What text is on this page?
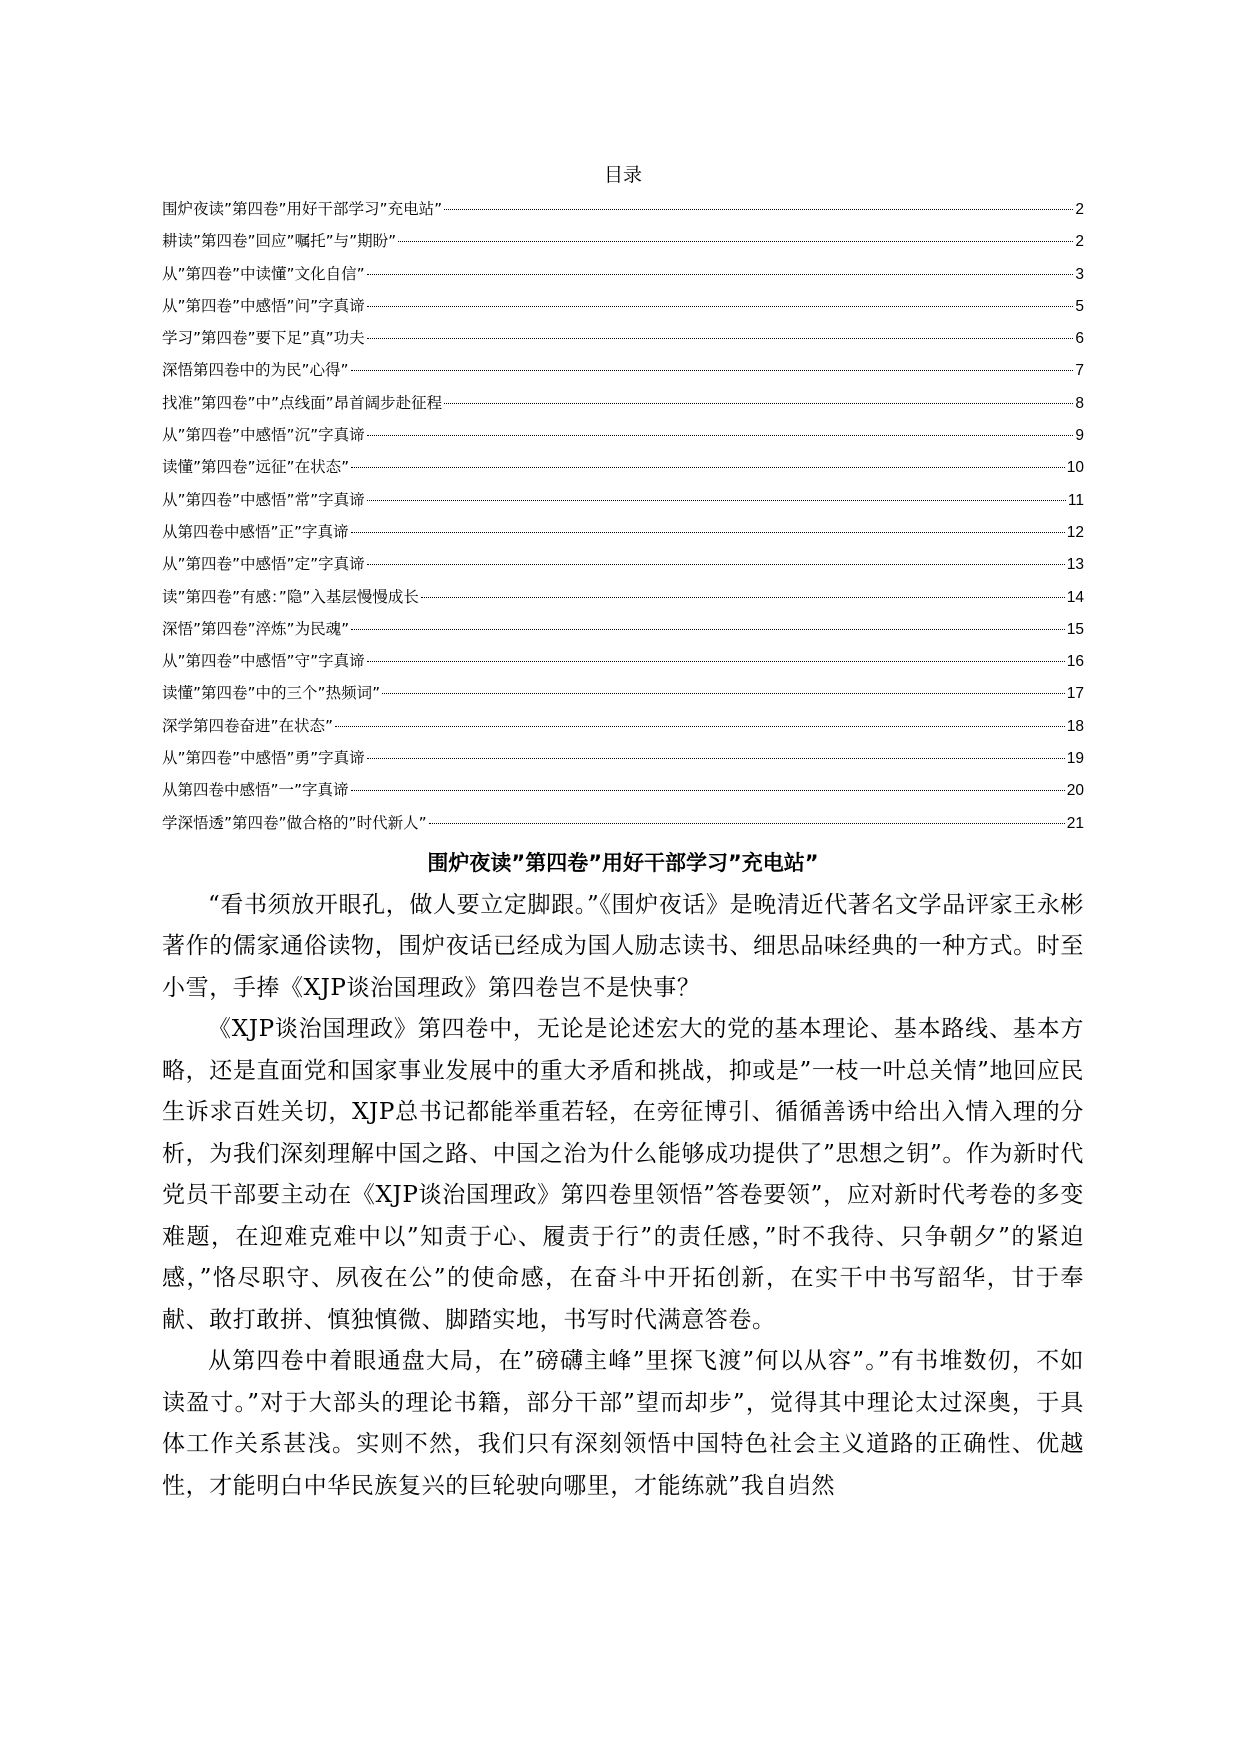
目录
围炉夜读”第四卷”用好干部学习”充电站”	2
耕读”第四卷”回应”嘱托”与”期盼”	2
从”第四卷”中读懂”文化自信”	3
从”第四卷”中感悟”问”字真谛	5
学习”第四卷”要下足”真”功夫	6
深悟第四卷中的为民”心得”	7
找准”第四卷”中”点线面”昂首阔步赴征程	8
从”第四卷”中感悟”沉”字真谛	9
读懂”第四卷”远征”在状态”	10
从”第四卷”中感悟”常”字真谛	11
从第四卷中感悟”正”字真谛	12
从”第四卷”中感悟”定”字真谛	13
读”第四卷”有感：”隐”入基层慢慢成长	14
深悟”第四卷”淬炼”为民魂”	15
从”第四卷”中感悟”守”字真谛	16
读懂”第四卷”中的三个”热频词”	17
深学第四卷奋进”在状态”	18
从”第四卷”中感悟”勇”字真谛	19
从第四卷中感悟”一”字真谛	20
学深悟透”第四卷”做合格的”时代新人”	21
围炉夜读”第四卷”用好干部学习”充电站”

“看书须放开眼孔，做人要立定脚跟。”《围炉夜话》是晚清近代著名文学品评家王永彬著作的儒家通俗读物，围炉夜话已经成为国人励志读书、细思品味经典的一种方式。时至小雪，手捧《XJP谈治国理政》第四卷岂不是快事？

《XJP谈治国理政》第四卷中，无论是论述宏大的党的基本理论、基本路线、基本方略，还是直面党和国家事业发展中的重大矛盾和挑战，抑或是”一枝一叶总关情”地回应民生诉求百姓关切，XJP总书记都能举重若轻，在旁征博引、循循善诱中给出入情入理的分析，为我们深刻理解中国之路、中国之治为什么能够成功提供了”思想之钥”。作为新时代党员干部要主动在《XJP谈治国理政》第四卷里领悟”答卷要领”，应对新时代考卷的多变难题，在迎难克难中以”知责于心、履责于行”的责任感，”时不我待、只争朝夕”的紧迫感，”恪尽职守、夙夜在公”的使命感，在奋斗中开拓创新，在实干中书写韶华，甘于奉献、敢打敢拼、慎独慎微、脚踏实地，书写时代满意答卷。

从第四卷中着眼通盘大局，在”磅礴主峰”里探飞渡”何以从容”。”有书堆数仞，不如读盈寸。”对于大部头的理论书籍，部分干部”望而却步”，觉得其中理论太过深奥，于具体工作关系甚浅。实则不然，我们只有深刻领悟中国特色社会主义道路的正确性、优越性，才能明白中华民族复兴的巨轮驶向哪里，才能练就”我自岿然
